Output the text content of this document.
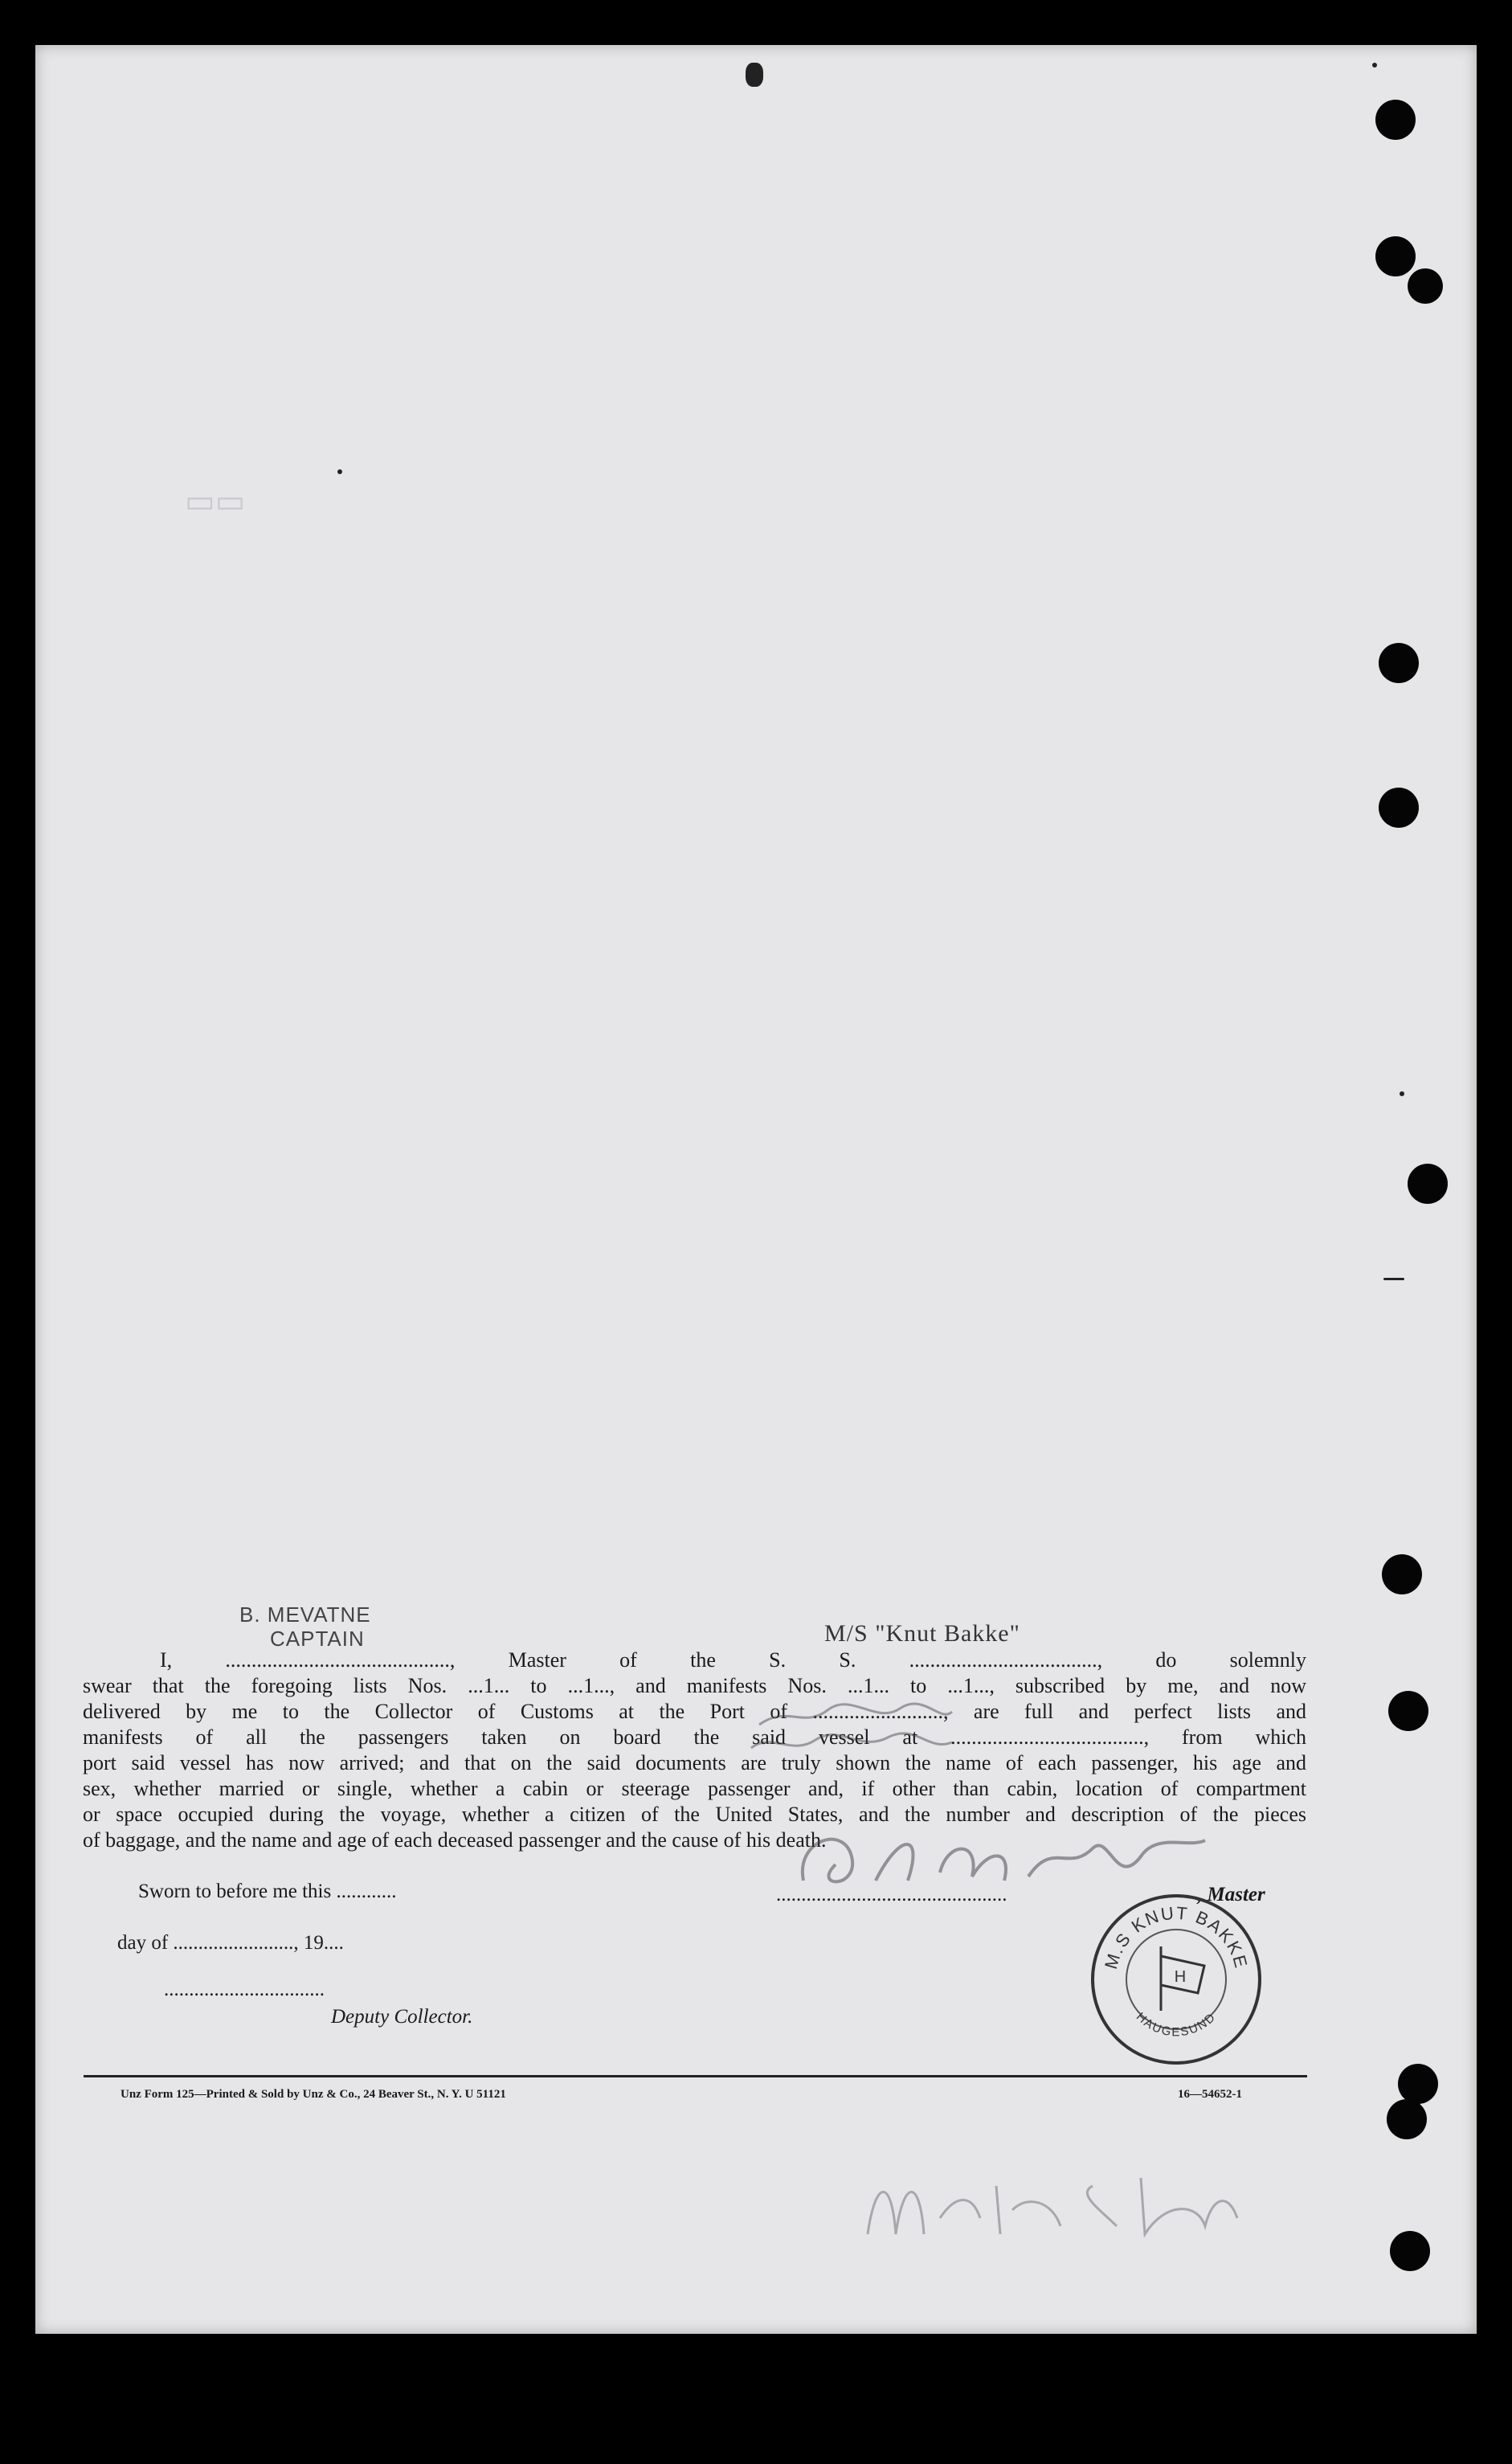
▭▭
B. MEVATNE
CAPTAIN	M/S "Knut Bakke"
I, ..........................................., Master of the S. S. ...................................., do solemnly
swear that the foregoing lists Nos. ...1... to ...1..., and manifests Nos. ...1... to ...1..., subscribed by me, and now
delivered by me to the Collector of Customs at the Port of ........................., are full and perfect lists and
manifests of all the passengers taken on board the said vessel at ....................................., from which
port said vessel has now arrived; and that on the said documents are truly shown the name of each passenger, his age and
sex, whether married or single, whether a cabin or steerage passenger and, if other than cabin, location of compartment
or space occupied during the voyage, whether a citizen of the United States, and the number and description of the pieces
of baggage, and the name and age of each deceased passenger and the cause of his death.
Sworn to before me this ............	..............................................	, Master
day of ........................, 19....
................................
Deputy Collector.
M.S KNUT BAKKE
HAUGESUND
H
Unz Form 125—Printed & Sold by Unz & Co., 24 Beaver St., N. Y. U 51121	16—54652-1
